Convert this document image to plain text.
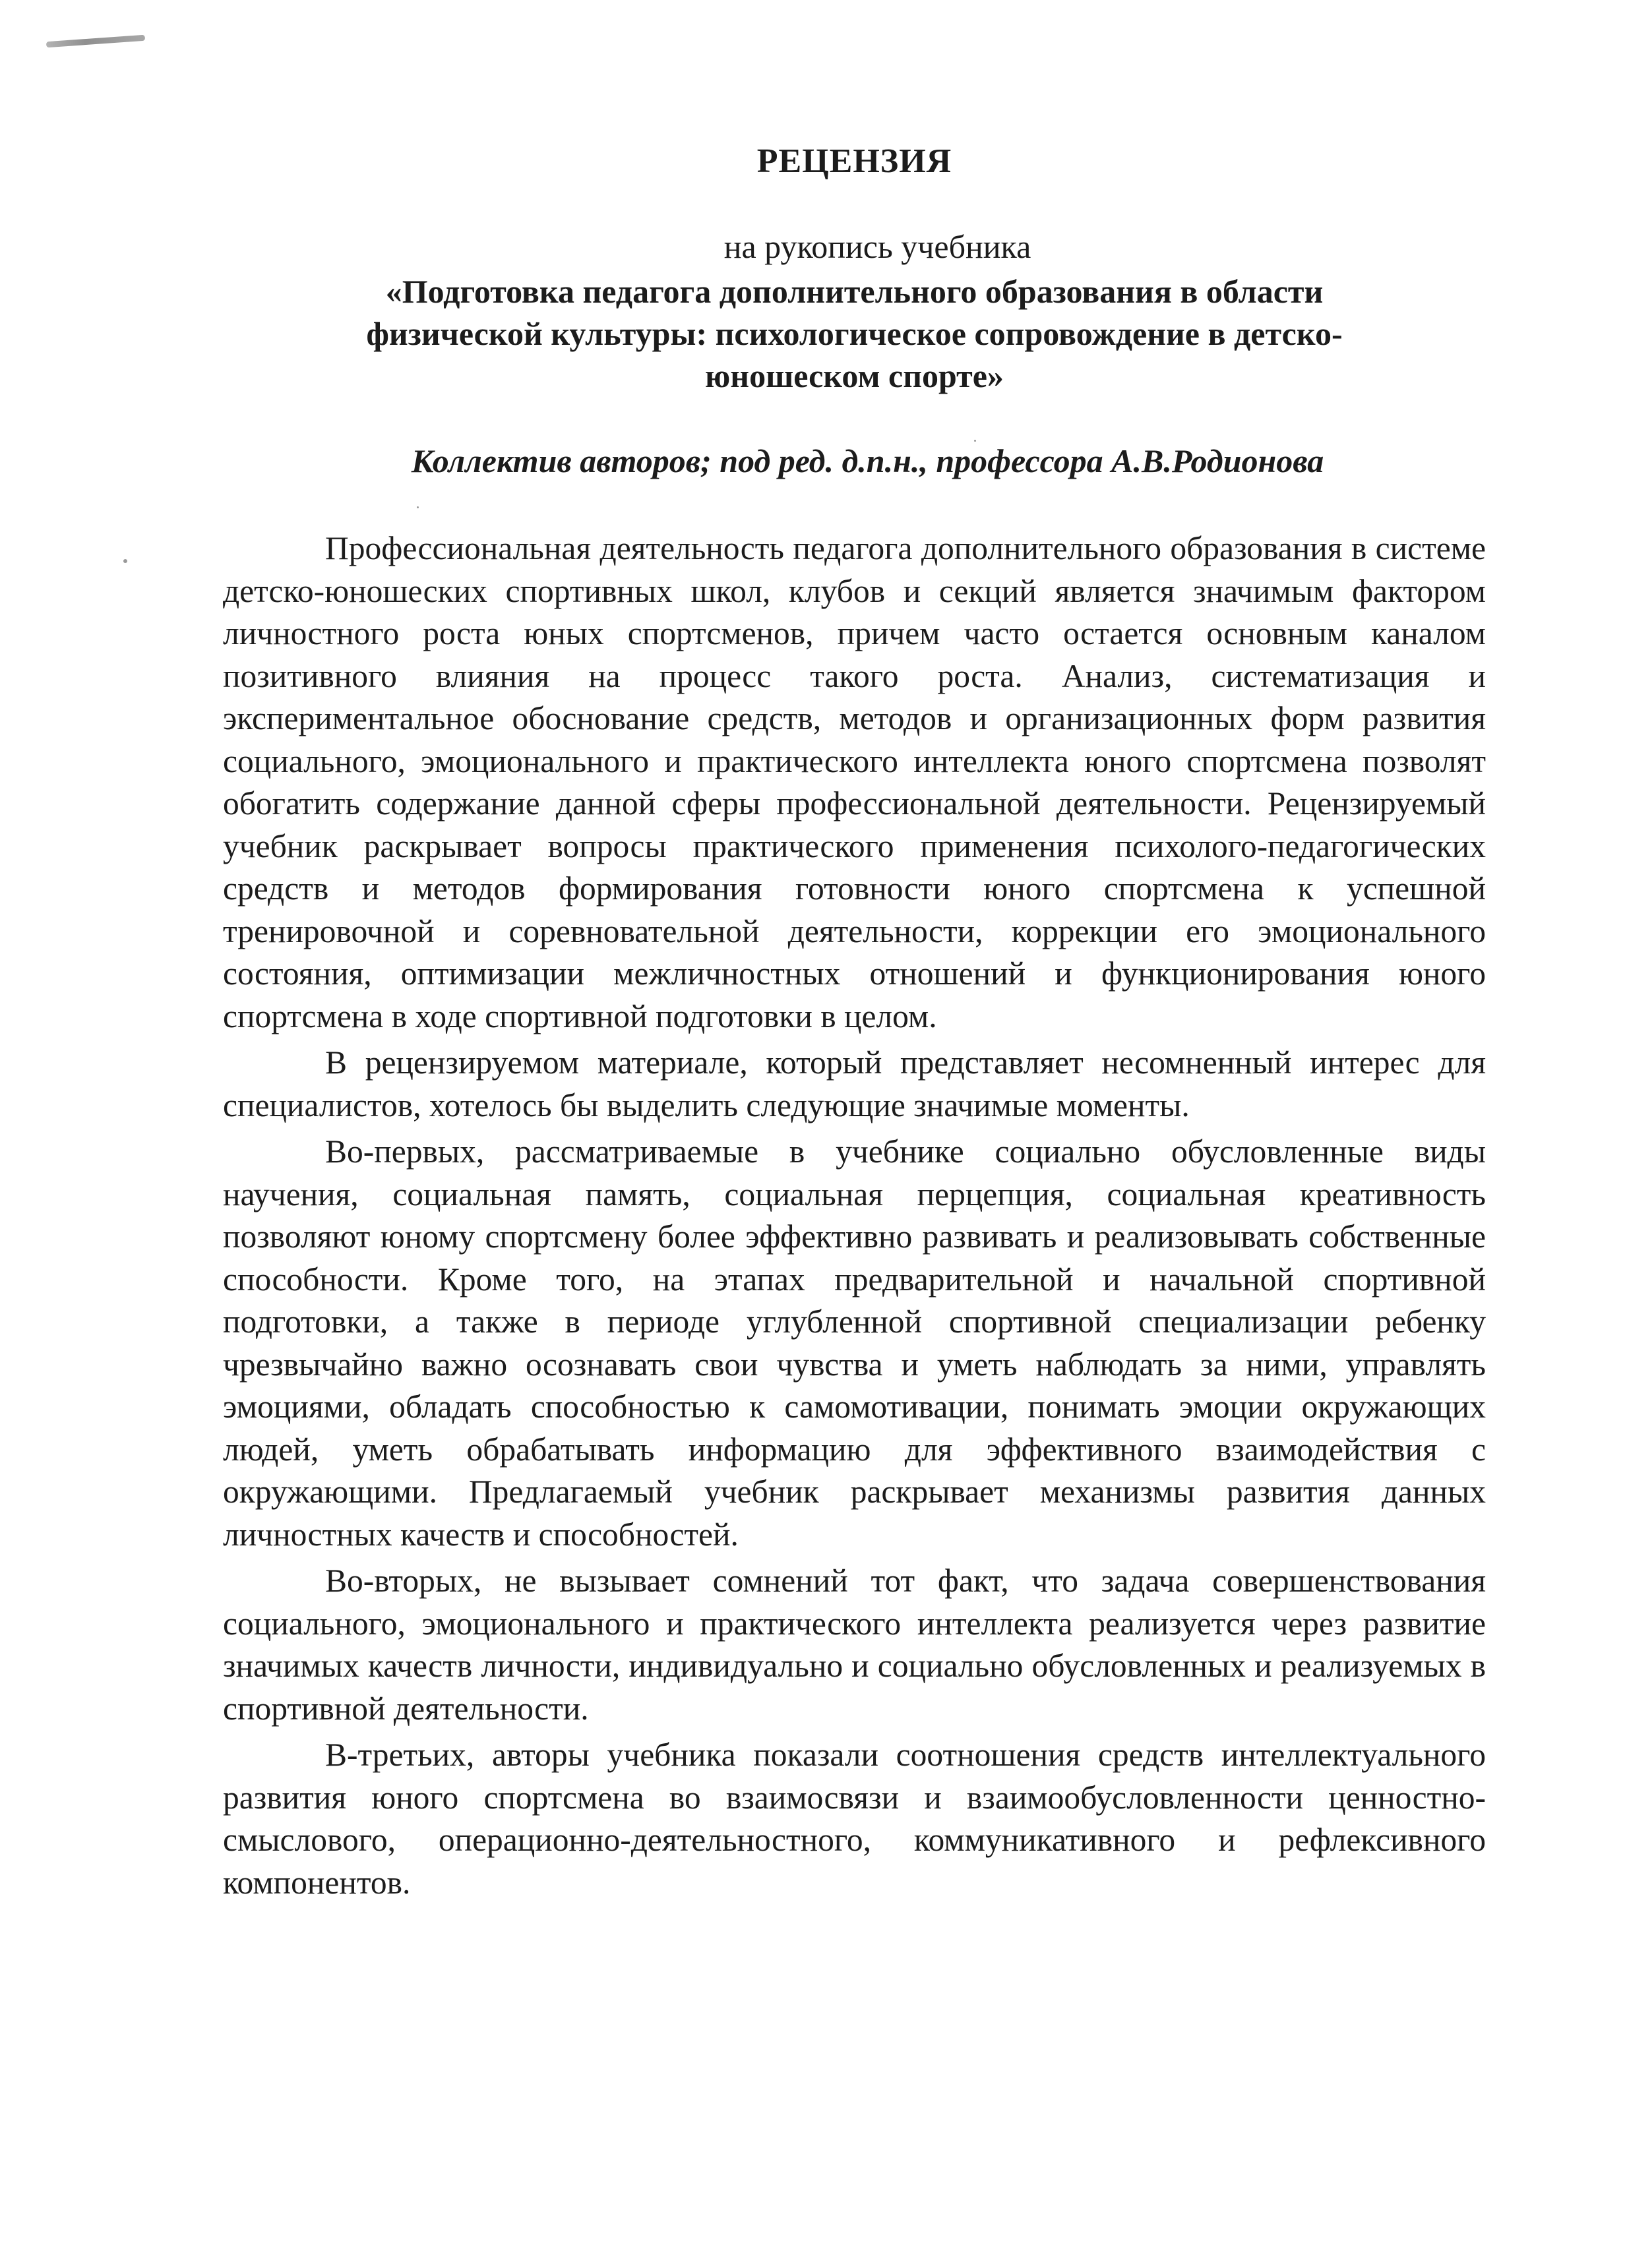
РЕЦЕНЗИЯ
на рукопись учебника
«Подготовка педагога дополнительного образования в области
физической культуры: психологическое сопровождение в детско-
юношеском спорте»
Коллектив авторов; под ред. д.п.н., профессора А.В.Родионова

Профессиональная деятельность педагога дополнительного образования в системе детско-юношеских спортивных школ, клубов и секций является значимым фактором личностного роста юных спортсменов, причем часто остается основным каналом позитивного влияния на процесс такого роста. Анализ, систематизация и экспериментальное обоснование средств, методов и организационных форм развития социального, эмоционального и практического интеллекта юного спортсмена позволят обогатить содержание данной сферы профессиональной деятельности. Рецензируемый учебник раскрывает вопросы практического применения психолого-педагогических средств и методов формирования готовности юного спортсмена к успешной тренировочной и соревновательной деятельности, коррекции его эмоционального состояния, оптимизации межличностных отношений и функционирования юного спортсмена в ходе спортивной подготовки в целом.

В рецензируемом материале, который представляет несомненный интерес для специалистов, хотелось бы выделить следующие значимые моменты.

Во-первых, рассматриваемые в учебнике социально обусловленные виды научения, социальная память, социальная перцепция, социальная креативность позволяют юному спортсмену более эффективно развивать и реализовывать собственные способности. Кроме того, на этапах предварительной и начальной спортивной подготовки, а также в периоде углубленной спортивной специализации ребенку чрезвычайно важно осознавать свои чувства и уметь наблюдать за ними, управлять эмоциями, обладать способностью к самомотивации, понимать эмоции окружающих людей, уметь обрабатывать информацию для эффективного взаимодействия с окружающими. Предлагаемый учебник раскрывает механизмы развития данных личностных качеств и способностей.

Во-вторых, не вызывает сомнений тот факт, что задача совершенствования социального, эмоционального и практического интеллекта реализуется через развитие значимых качеств личности, индивидуально и социально обусловленных и реализуемых в спортивной деятельности.

В-третьих, авторы учебника показали соотношения средств интеллектуального развития юного спортсмена во взаимосвязи и взаимообусловленности ценностно-смыслового, операционно-деятельностного, коммуникативного и рефлексивного компонентов.
